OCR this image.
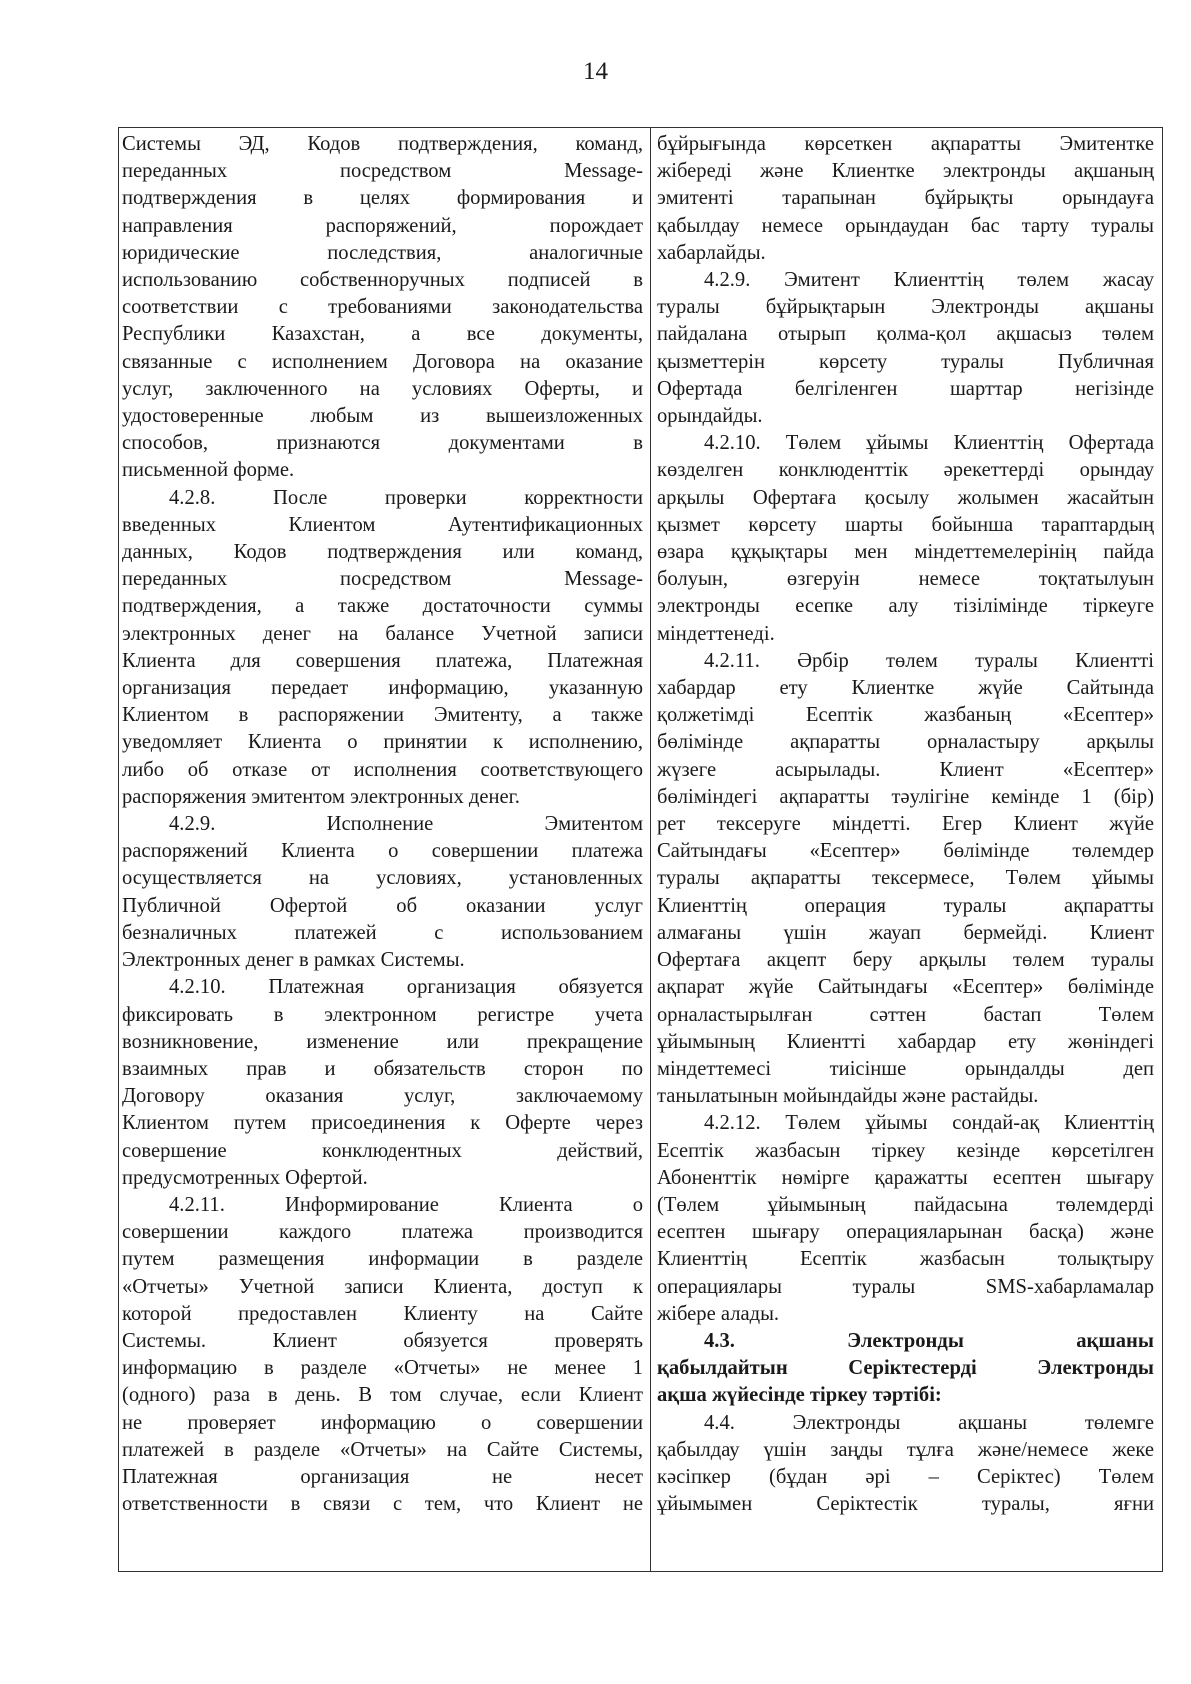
14
Системы ЭД, Кодов подтверждения, команд,
переданных посредством Message-
подтверждения в целях формирования и
направления распоряжений, порождает
юридические последствия, аналогичные
использованию собственноручных подписей в
соответствии с требованиями законодательства
Республики Казахстан, а все документы,
связанные с исполнением Договора на оказание
услуг, заключенного на условиях Оферты, и
удостоверенные любым из вышеизложенных
способов, признаются документами в
письменной форме.
4.2.8. После проверки корректности
введенных Клиентом Аутентификационных
данных, Кодов подтверждения или команд,
переданных посредством Message-
подтверждения, а также достаточности суммы
электронных денег на балансе Учетной записи
Клиента для совершения платежа, Платежная
организация передает информацию, указанную
Клиентом в распоряжении Эмитенту, а также
уведомляет Клиента о принятии к исполнению,
либо об отказе от исполнения соответствующего
распоряжения эмитентом электронных денег.
4.2.9. Исполнение Эмитентом
распоряжений Клиента о совершении платежа
осуществляется на условиях, установленных
Публичной Офертой об оказании услуг
безналичных платежей с использованием
Электронных денег в рамках Системы.
4.2.10. Платежная организация обязуется
фиксировать в электронном регистре учета
возникновение, изменение или прекращение
взаимных прав и обязательств сторон по
Договору оказания услуг, заключаемому
Клиентом путем присоединения к Оферте через
совершение конклюдентных действий,
предусмотренных Офертой.
4.2.11. Информирование Клиента о
совершении каждого платежа производится
путем размещения информации в разделе
«Отчеты» Учетной записи Клиента, доступ к
которой предоставлен Клиенту на Сайте
Системы. Клиент обязуется проверять
информацию в разделе «Отчеты» не менее 1
(одного) раза в день. В том случае, если Клиент
не проверяет информацию о совершении
платежей в разделе «Отчеты» на Сайте Системы,
Платежная организация не несет
ответственности в связи с тем, что Клиент не
бұйрығында көрсеткен ақпаратты Эмитентке
жібереді және Клиентке электронды ақшаның
эмитенті тарапынан бұйрықты орындауға
қабылдау немесе орындаудан бас тарту туралы
хабарлайды.
4.2.9. Эмитент Клиенттің төлем жасау
туралы бұйрықтарын Электронды ақшаны
пайдалана отырып қолма-қол ақшасыз төлем
қызметтерін көрсету туралы Публичная
Офертада белгіленген шарттар негізінде
орындайды.
4.2.10. Төлем ұйымы Клиенттің Офертада
көзделген конклюденттік әрекеттерді орындау
арқылы Офертаға қосылу жолымен жасайтын
қызмет көрсету шарты бойынша тараптардың
өзара құқықтары мен міндеттемелерінің пайда
болуын, өзгеруін немесе тоқтатылуын
электронды есепке алу тізілімінде тіркеуге
міндеттенеді.
4.2.11. Әрбір төлем туралы Клиентті
хабардар ету Клиентке жүйе Сайтында
қолжетімді Есептік жазбаның «Есептер»
бөлімінде ақпаратты орналастыру арқылы
жүзеге асырылады. Клиент «Есептер»
бөліміндегі ақпаратты тәулігіне кемінде 1 (бір)
рет тексеруге міндетті. Егер Клиент жүйе
Сайтындағы «Есептер» бөлімінде төлемдер
туралы ақпаратты тексермесе, Төлем ұйымы
Клиенттің операция туралы ақпаратты
алмағаны үшін жауап бермейді. Клиент
Офертаға акцепт беру арқылы төлем туралы
ақпарат жүйе Сайтындағы «Есептер» бөлімінде
орналастырылған сәттен бастап Төлем
ұйымының Клиентті хабардар ету жөніндегі
міндеттемесі тиісінше орындалды деп
танылатынын мойындайды және растайды.
4.2.12. Төлем ұйымы сондай-ақ Клиенттің
Есептік жазбасын тіркеу кезінде көрсетілген
Абоненттік нөмірге қаражатты есептен шығару
(Төлем ұйымының пайдасына төлемдерді
есептен шығару операцияларынан басқа) және
Клиенттің Есептік жазбасын толықтыру
операциялары туралы SMS-хабарламалар
жібере алады.
4.3. Электронды ақшаны
қабылдайтын Серіктестерді Электронды
ақша жүйесінде тіркеу тәртібі:
4.4. Электронды ақшаны төлемге
қабылдау үшін заңды тұлға және/немесе жеке
кәсіпкер (бұдан әрі – Серіктес) Төлем
ұйымымен Серіктестік туралы, яғни
